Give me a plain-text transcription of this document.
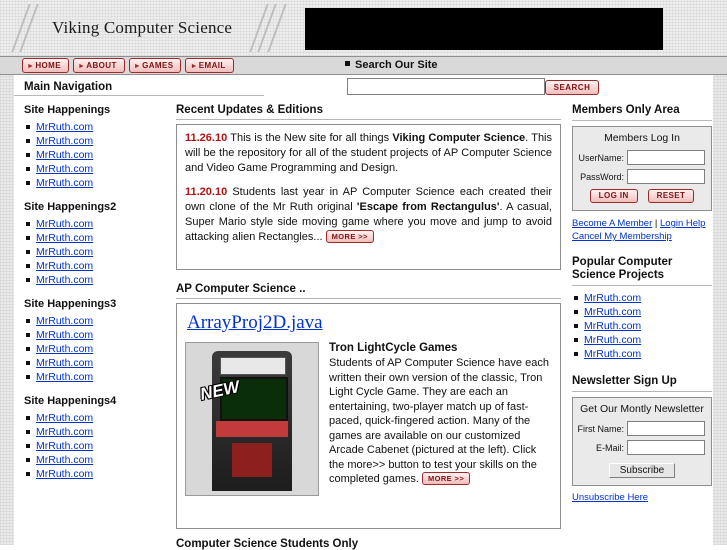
Viking Computer Science
►HOME	►ABOUT	►GAMES	►EMAIL	Search Our Site
SEARCH
Main Navigation
Site Happenings
MrRuth.com
MrRuth.com
MrRuth.com
MrRuth.com
MrRuth.com
Site Happenings2
MrRuth.com
MrRuth.com
MrRuth.com
MrRuth.com
MrRuth.com
Site Happenings3
MrRuth.com
MrRuth.com
MrRuth.com
MrRuth.com
MrRuth.com
Site Happenings4
MrRuth.com
MrRuth.com
MrRuth.com
MrRuth.com
MrRuth.com
Recent Updates & Editions

11.26.10 This is the New site for all things Viking Computer Science. This will be the repository for all of the student projects of AP Computer Science and Video Game Programming and Design.

11.20.10 Students last year in AP Computer Science each created their own clone of the Mr Ruth original 'Escape from Rectangulus'. A casual, Super Mario style side moving game where you move and jump to avoid attacking alien Rectangles... MORE >>

AP Computer Science ..
ArrayProj2D.java
NEW
Tron LightCycle Games

Students of AP Computer Science have each written their own version of the classic, Tron Light Cycle Game. They are each an entertaining, two-player match up of fast-paced, quick-fingered action. Many of the games are available on our customized Arcade Cabenet (pictured at the left). Click the more>> button to test your skills on the completed games. MORE >>

Computer Science Students Only
Members Only Area
Members Log In
UserName:
PassWord:
LOG IN	RESET
Become A Member | Login Help
Cancel My Membership
Popular Computer Science Projects
MrRuth.com
MrRuth.com
MrRuth.com
MrRuth.com
MrRuth.com
Newsletter Sign Up
Get Our Montly Newsletter
First Name:
E-Mail:
Subscribe
Unsubscribe Here
